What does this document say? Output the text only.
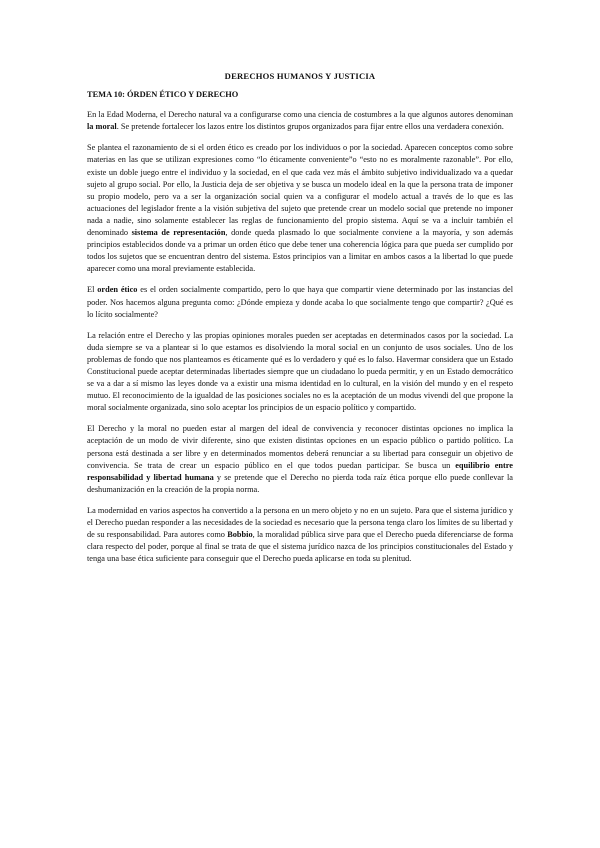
DERECHOS HUMANOS Y JUSTICIA
TEMA 10: ÓRDEN ÉTICO Y DERECHO

En la Edad Moderna, el Derecho natural va a configurarse como una ciencia de costumbres a la que algunos autores denominan la moral. Se pretende fortalecer los lazos entre los distintos grupos organizados para fijar entre ellos una verdadera conexión.

Se plantea el razonamiento de si el orden ético es creado por los individuos o por la sociedad. Aparecen conceptos como sobre materias en las que se utilizan expresiones como “lo éticamente conveniente”o “esto no es moralmente razonable”. Por ello, existe un doble juego entre el individuo y la sociedad, en el que cada vez más el ámbito subjetivo individualizado va a quedar sujeto al grupo social. Por ello, la Justicia deja de ser objetiva y se busca un modelo ideal en la que la persona trata de imponer su propio modelo, pero va a ser la organización social quien va a configurar el modelo actual a través de lo que es las actuaciones del legislador frente a la visión subjetiva del sujeto que pretende crear un modelo social que pretende no imponer nada a nadie, sino solamente establecer las reglas de funcionamiento del propio sistema. Aquí se va a incluir también el denominado sistema de representación, donde queda plasmado lo que socialmente conviene a la mayoría, y son además principios establecidos donde va a primar un orden ético que debe tener una coherencia lógica para que pueda ser cumplido por todos los sujetos que se encuentran dentro del sistema. Estos principios van a limitar en ambos casos a la libertad lo que puede aparecer como una moral previamente establecida.

El orden ético es el orden socialmente compartido, pero lo que haya que compartir viene determinado por las instancias del poder. Nos hacemos alguna pregunta como: ¿Dónde empieza y donde acaba lo que socialmente tengo que compartir? ¿Qué es lo lícito socialmente?

La relación entre el Derecho y las propias opiniones morales pueden ser aceptadas en determinados casos por la sociedad. La duda siempre se va a plantear si lo que estamos es disolviendo la moral social en un conjunto de usos sociales. Uno de los problemas de fondo que nos planteamos es éticamente qué es lo verdadero y qué es lo falso. Havermar considera que un Estado Constitucional puede aceptar determinadas libertades siempre que un ciudadano lo pueda permitir, y en un Estado democrático se va a dar a sí mismo las leyes donde va a existir una misma identidad en lo cultural, en la visión del mundo y en el respeto mutuo. El reconocimiento de la igualdad de las posiciones sociales no es la aceptación de un modus vivendi del que propone la moral socialmente organizada, sino solo aceptar los principios de un espacio político y compartido.

El Derecho y la moral no pueden estar al margen del ideal de convivencia y reconocer distintas opciones no implica la aceptación de un modo de vivir diferente, sino que existen distintas opciones en un espacio público o partido político. La persona está destinada a ser libre y en determinados momentos deberá renunciar a su libertad para conseguir un objetivo de convivencia. Se trata de crear un espacio público en el que todos puedan participar. Se busca un equilibrio entre responsabilidad y libertad humana y se pretende que el Derecho no pierda toda raíz ética porque ello puede conllevar la deshumanización en la creación de la propia norma.

La modernidad en varios aspectos ha convertido a la persona en un mero objeto y no en un sujeto. Para que el sistema jurídico y el Derecho puedan responder a las necesidades de la sociedad es necesario que la persona tenga claro los límites de su libertad y de su responsabilidad. Para autores como Bobbio, la moralidad pública sirve para que el Derecho pueda diferenciarse de forma clara respecto del poder, porque al final se trata de que el sistema jurídico nazca de los principios constitucionales del Estado y tenga una base ética suficiente para conseguir que el Derecho pueda aplicarse en toda su plenitud.
